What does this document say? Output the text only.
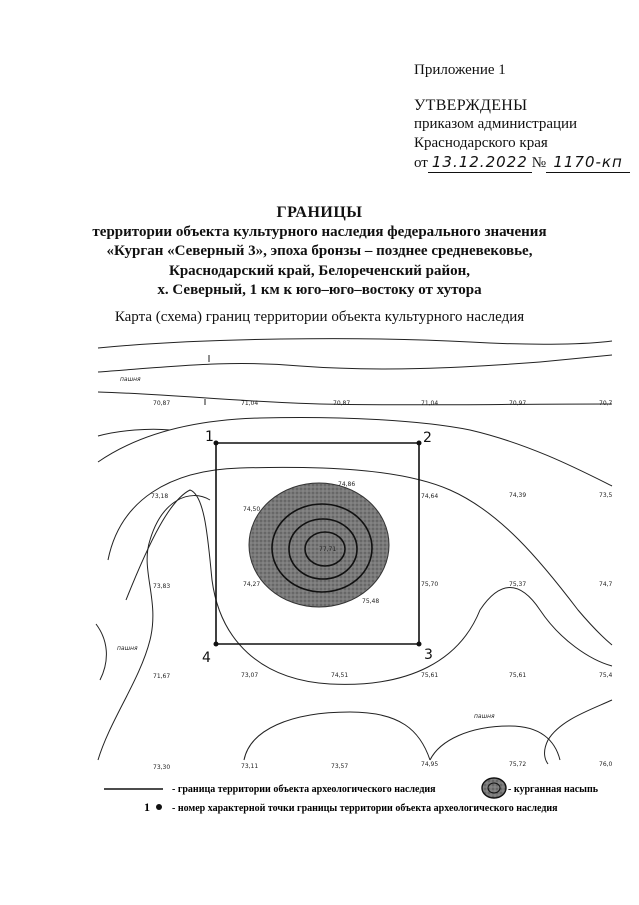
Приложение 1
УТВЕРЖДЕНЫ
приказом администрации
Краснодарского края
от 13.12.2022 № 1170-кп
ГРАНИЦЫ
территории объекта культурного наследия федерального значения
«Курган «Северный 3», эпоха бронзы – позднее средневековье,
Краснодарский край, Белореченский район,
х. Северный, 1 км к юго–юго–востоку от хутора
Карта (схема) границ территории объекта культурного наследия
1	2
3
4
пашня
пашня
пашня
70,87	71,04	70,87	71,04	70,97	70,7
73,18	74,64	74,39	73,5
74,86
74,50
77,71
75,48
73,83	74,27	75,70	75,37	74,7
71,67	73,07	74,51	75,61	75,61	75,4
73,30	73,11	73,57	74,95	75,72	76,0
- граница территории объекта археологического наследия	- курганная насыпь
1 - номер характерной точки границы территории объекта археологического наследия
